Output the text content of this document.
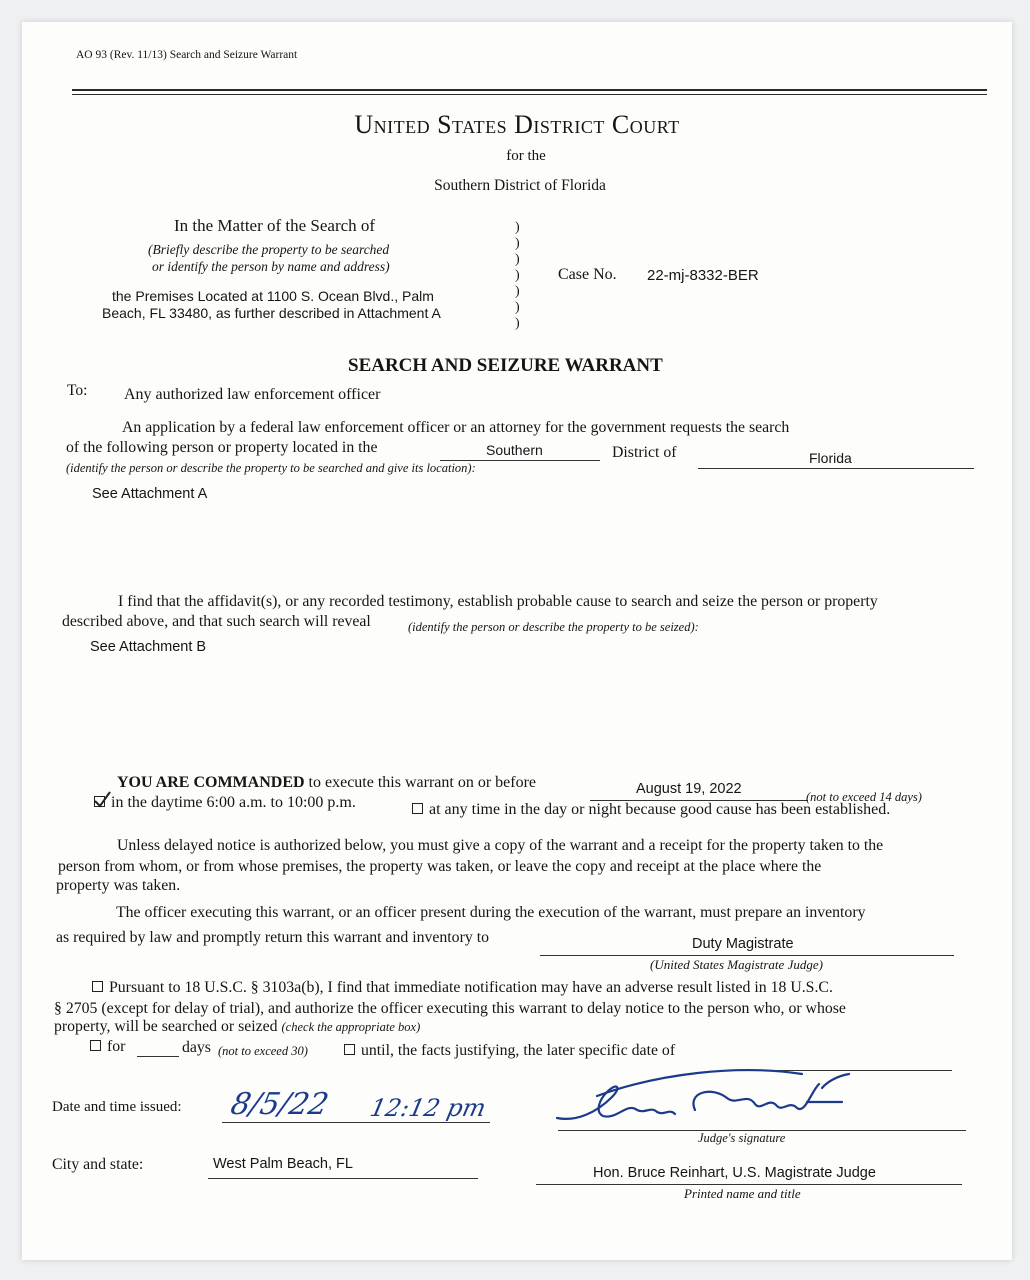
AO 93 (Rev. 11/13) Search and Seizure Warrant
United States District Court
for the
Southern District of Florida
In the Matter of the Search of
(Briefly describe the property to be searched
or identify the person by name and address)
the Premises Located at 1100 S. Ocean Blvd., Palm
Beach, FL 33480, as further described in Attachment A
)
)
)
)
)
)
)
Case No. 22-mj-8332-BER
SEARCH AND SEIZURE WARRANT
To: Any authorized law enforcement officer
An application by a federal law enforcement officer or an attorney for the government requests the search
of the following person or property located in the	Southern	District of	Florida
(identify the person or describe the property to be searched and give its location):
See Attachment A
I find that the affidavit(s), or any recorded testimony, establish probable cause to search and seize the person or property
described above, and that such search will reveal	(identify the person or describe the property to be seized):
See Attachment B
YOU ARE COMMANDED to execute this warrant on or before	August 19, 2022	(not to exceed 14 days)
in the daytime 6:00 a.m. to 10:00 p.m.	at any time in the day or night because good cause has been established.
Unless delayed notice is authorized below, you must give a copy of the warrant and a receipt for the property taken to the
person from whom, or from whose premises, the property was taken, or leave the copy and receipt at the place where the
property was taken.
The officer executing this warrant, or an officer present during the execution of the warrant, must prepare an inventory
as required by law and promptly return this warrant and inventory to	Duty Magistrate
(United States Magistrate Judge)
Pursuant to 18 U.S.C. § 3103a(b), I find that immediate notification may have an adverse result listed in 18 U.S.C.
§ 2705 (except for delay of trial), and authorize the officer executing this warrant to delay notice to the person who, or whose
property, will be searched or seized (check the appropriate box)
for	days (not to exceed 30)	until, the facts justifying, the later specific date of
Date and time issued: 8/5/22 12:12 pm
Judge's signature
City and state:	West Palm Beach, FL
Hon. Bruce Reinhart, U.S. Magistrate Judge
Printed name and title
